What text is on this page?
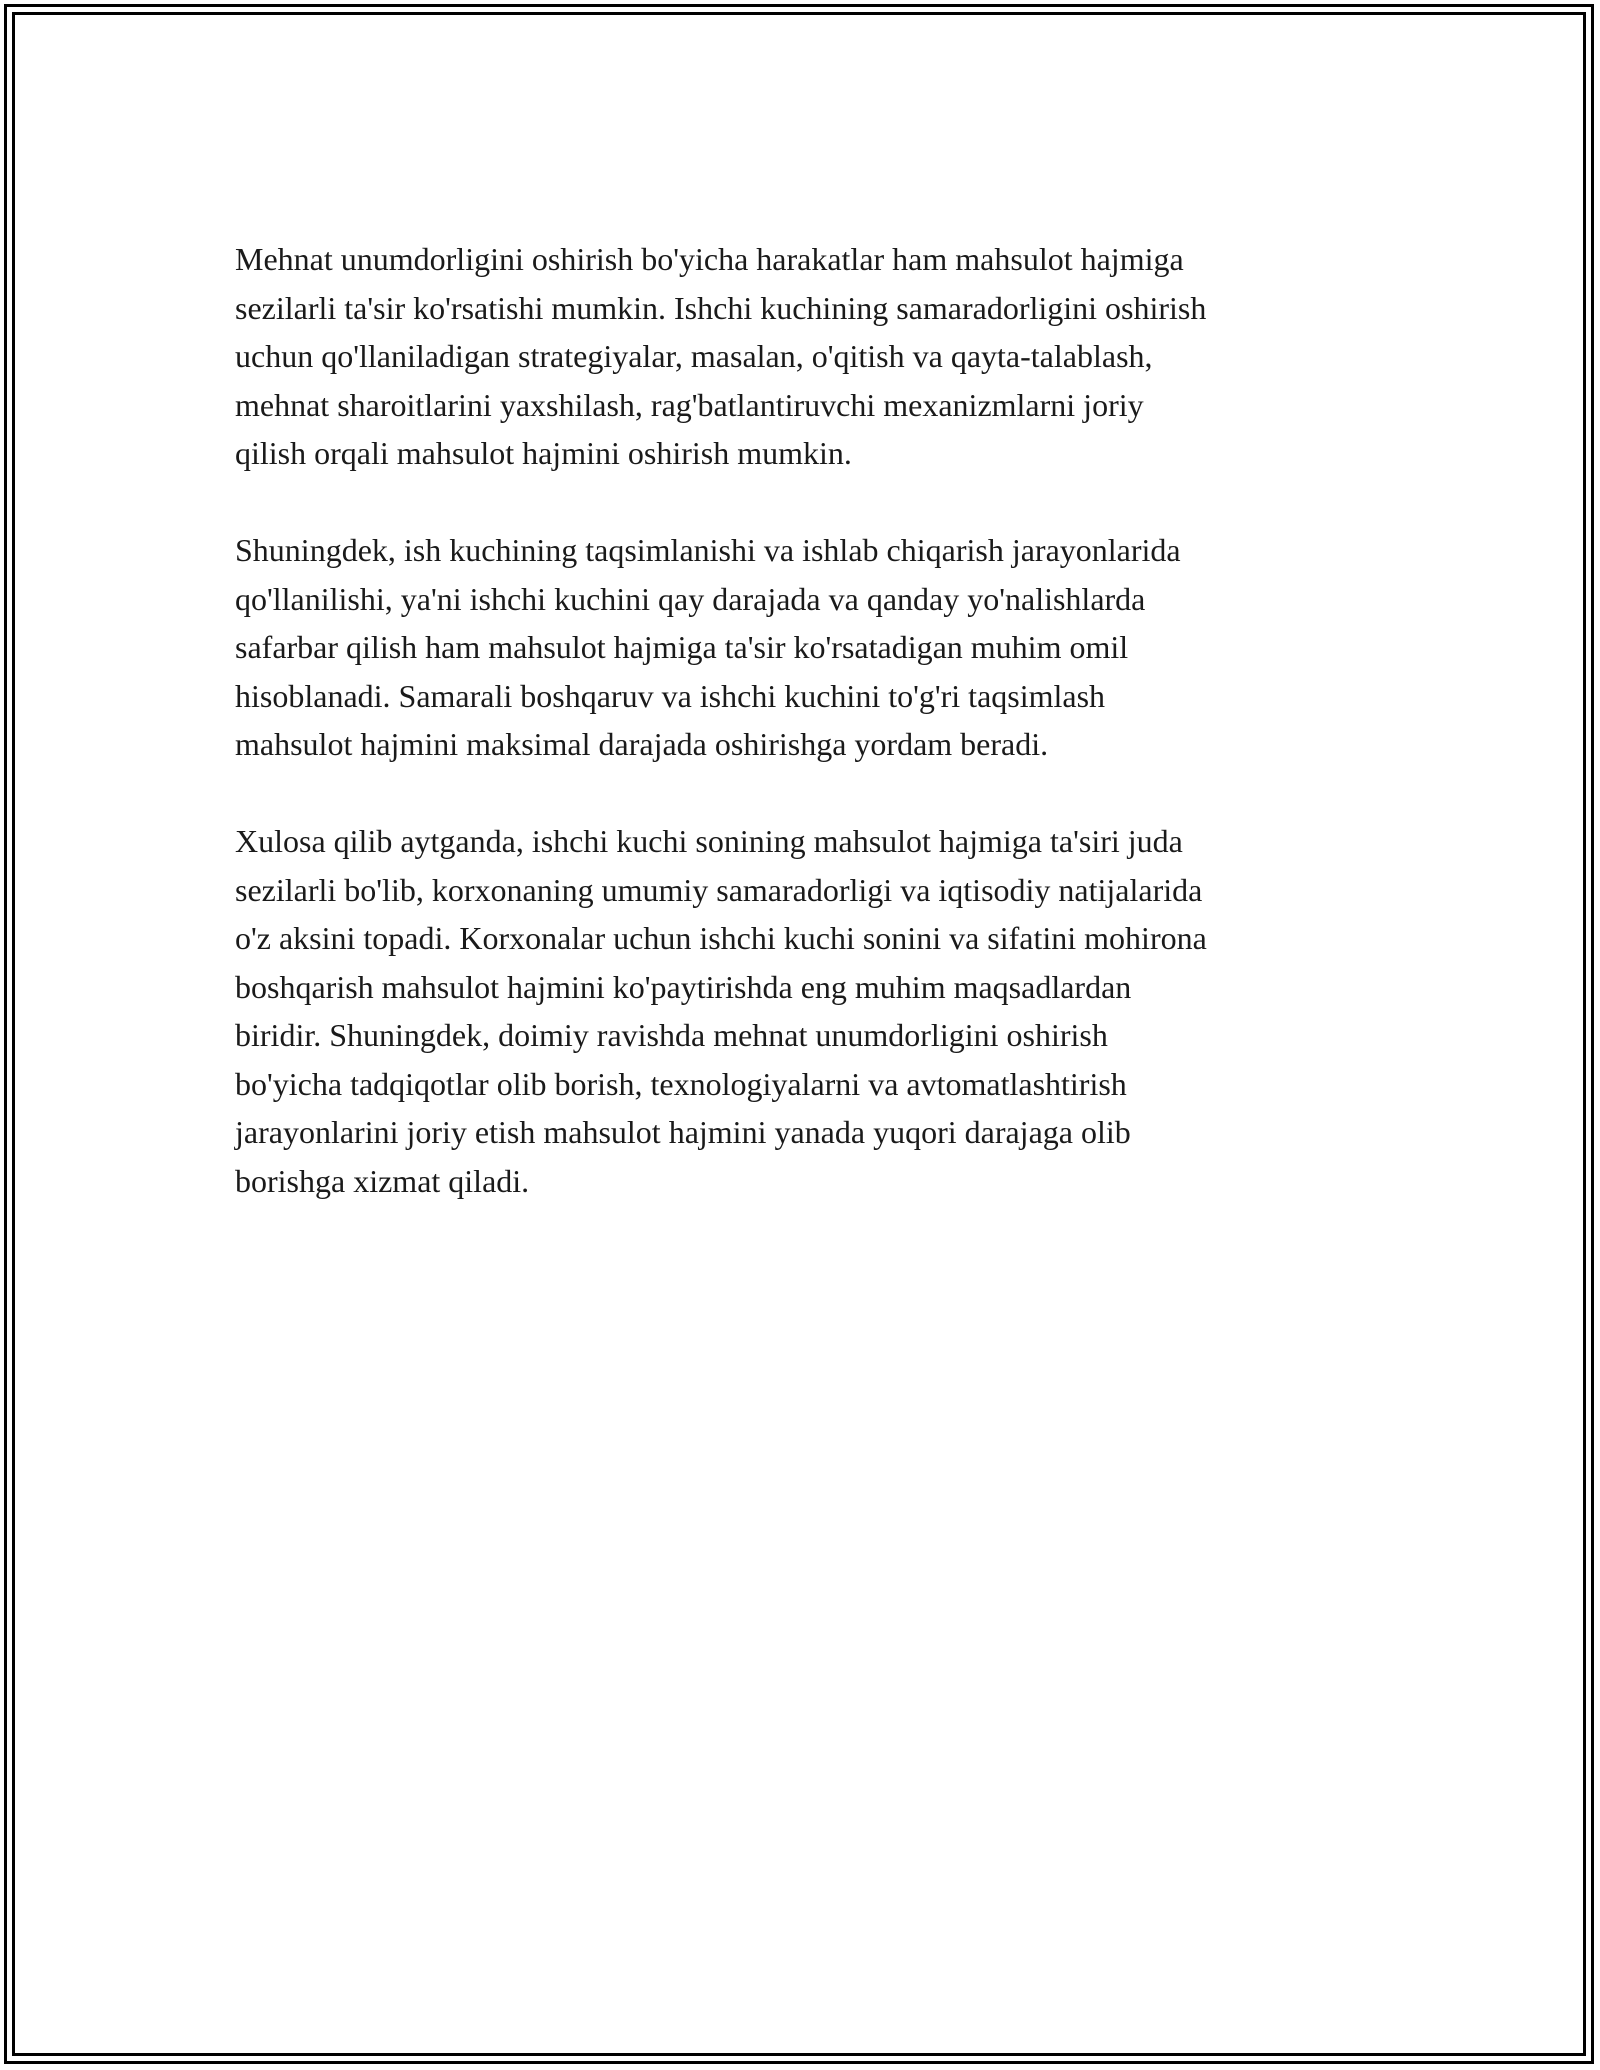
Mehnat unumdorligini oshirish bo'yicha harakatlar ham mahsulot hajmiga
sezilarli ta'sir ko'rsatishi mumkin. Ishchi kuchining samaradorligini oshirish
uchun qo'llaniladigan strategiyalar, masalan, o'qitish va qayta-talablash,
mehnat sharoitlarini yaxshilash, rag'batlantiruvchi mexanizmlarni joriy
qilish orqali mahsulot hajmini oshirish mumkin.

Shuningdek, ish kuchining taqsimlanishi va ishlab chiqarish jarayonlarida
qo'llanilishi, ya'ni ishchi kuchini qay darajada va qanday yo'nalishlarda
safarbar qilish ham mahsulot hajmiga ta'sir ko'rsatadigan muhim omil
hisoblanadi. Samarali boshqaruv va ishchi kuchini to'g'ri taqsimlash
mahsulot hajmini maksimal darajada oshirishga yordam beradi.

Xulosa qilib aytganda, ishchi kuchi sonining mahsulot hajmiga ta'siri juda
sezilarli bo'lib, korxonaning umumiy samaradorligi va iqtisodiy natijalarida
o'z aksini topadi. Korxonalar uchun ishchi kuchi sonini va sifatini mohirona
boshqarish mahsulot hajmini ko'paytirishda eng muhim maqsadlardan
biridir. Shuningdek, doimiy ravishda mehnat unumdorligini oshirish
bo'yicha tadqiqotlar olib borish, texnologiyalarni va avtomatlashtirish
jarayonlarini joriy etish mahsulot hajmini yanada yuqori darajaga olib
borishga xizmat qiladi.
